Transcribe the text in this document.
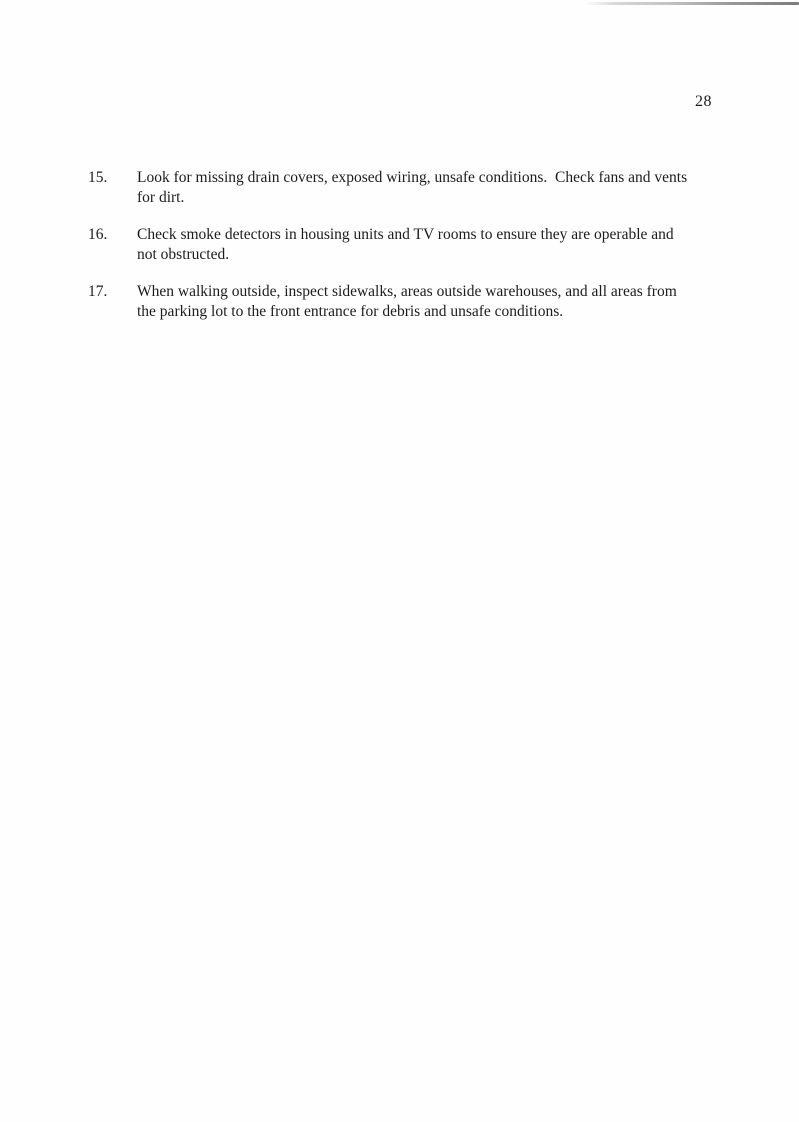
28
15.	Look for missing drain covers, exposed wiring, unsafe conditions.  Check fans and vents
for dirt.
16.	Check smoke detectors in housing units and TV rooms to ensure they are operable and
not obstructed.
17.	When walking outside, inspect sidewalks, areas outside warehouses, and all areas from
the parking lot to the front entrance for debris and unsafe conditions.
